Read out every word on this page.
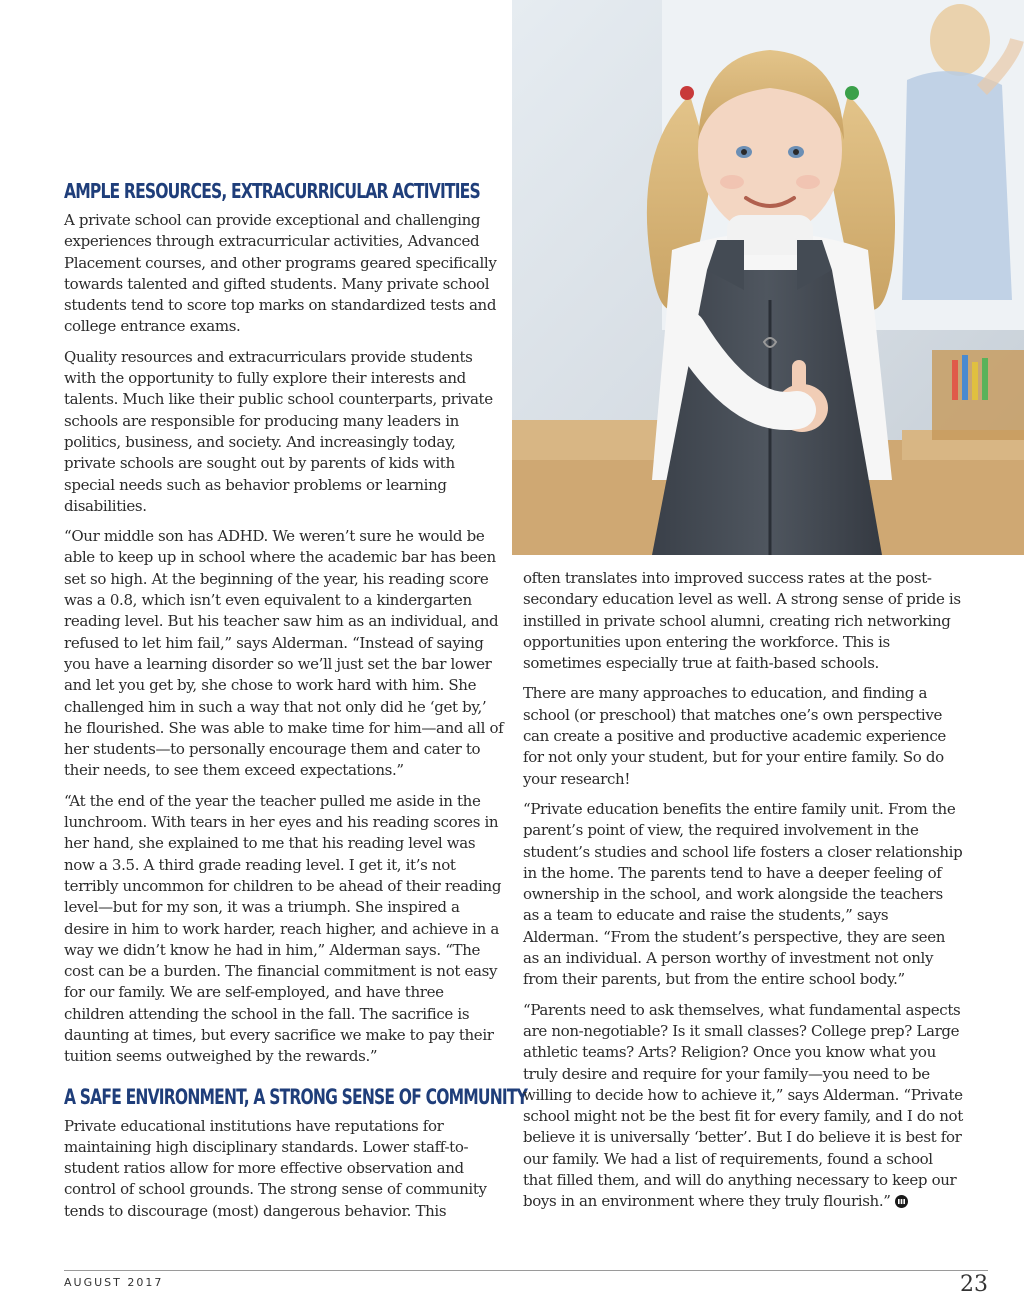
AMPLE RESOURCES, EXTRACURRICULAR ACTIVITIES

A private school can provide exceptional and challenging experiences through extracurricular activities, Advanced Placement courses, and other programs geared specifically towards talented and gifted students. Many private school students tend to score top marks on standardized tests and college entrance exams.

Quality resources and extracurriculars provide students with the opportunity to fully explore their interests and talents. Much like their public school counterparts, private schools are responsible for producing many leaders in politics, business, and society. And increasingly today, private schools are sought out by parents of kids with special needs such as behavior problems or learning disabilities.

“Our middle son has ADHD. We weren’t sure he would be able to keep up in school where the academic bar has been set so high. At the beginning of the year, his reading score was a 0.8, which isn’t even equivalent to a kindergarten reading level. But his teacher saw him as an individual, and refused to let him fail,” says Alderman. “Instead of saying you have a learning disorder so we’ll just set the bar lower and let you get by, she chose to work hard with him. She challenged him in such a way that not only did he ‘get by,’ he flourished. She was able to make time for him—and all of her students—to personally encourage them and cater to their needs, to see them exceed expectations.”

“At the end of the year the teacher pulled me aside in the lunchroom. With tears in her eyes and his reading scores in her hand, she explained to me that his reading level was now a 3.5. A third grade reading level. I get it, it’s not terribly uncommon for children to be ahead of their reading level—but for my son, it was a triumph. She inspired a desire in him to work harder, reach higher, and achieve in a way we didn’t know he had in him,” Alderman says. “The cost can be a burden. The financial commitment is not easy for our family. We are self-employed, and have three children attending the school in the fall. The sacrifice is daunting at times, but every sacrifice we make to pay their tuition seems outweighed by the rewards.”

A SAFE ENVIRONMENT, A STRONG SENSE OF COMMUNITY

Private educational institutions have reputations for maintaining high disciplinary standards. Lower staff-to-student ratios allow for more effective observation and control of school grounds. The strong sense of community tends to discourage (most) dangerous behavior. This

often translates into improved success rates at the post-secondary education level as well. A strong sense of pride is instilled in private school alumni, creating rich networking opportunities upon entering the workforce. This is sometimes especially true at faith-based schools.

There are many approaches to education, and finding a school (or preschool) that matches one’s own perspective can create a positive and productive academic experience for not only your student, but for your entire family. So do your research!

“Private education benefits the entire family unit. From the parent’s point of view, the required involvement in the student’s studies and school life fosters a closer relationship in the home. The parents tend to have a deeper feeling of ownership in the school, and work alongside the teachers as a team to educate and raise the students,” says Alderman. “From the student’s perspective, they are seen as an individual. A person worthy of investment not only from their parents, but from the entire school body.”

“Parents need to ask themselves, what fundamental aspects are non-negotiable? Is it small classes? College prep? Large athletic teams? Arts? Religion? Once you know what you truly desire and require for your family—you need to be willing to decide how to achieve it,” says Alderman. “Private school might not be the best fit for every family, and I do not believe it is universally ‘better’. But I do believe it is best for our family. We had a list of requirements, found a school that filled them, and will do anything necessary to keep our boys in an environment where they truly flourish.”

AUGUST 2017	23
